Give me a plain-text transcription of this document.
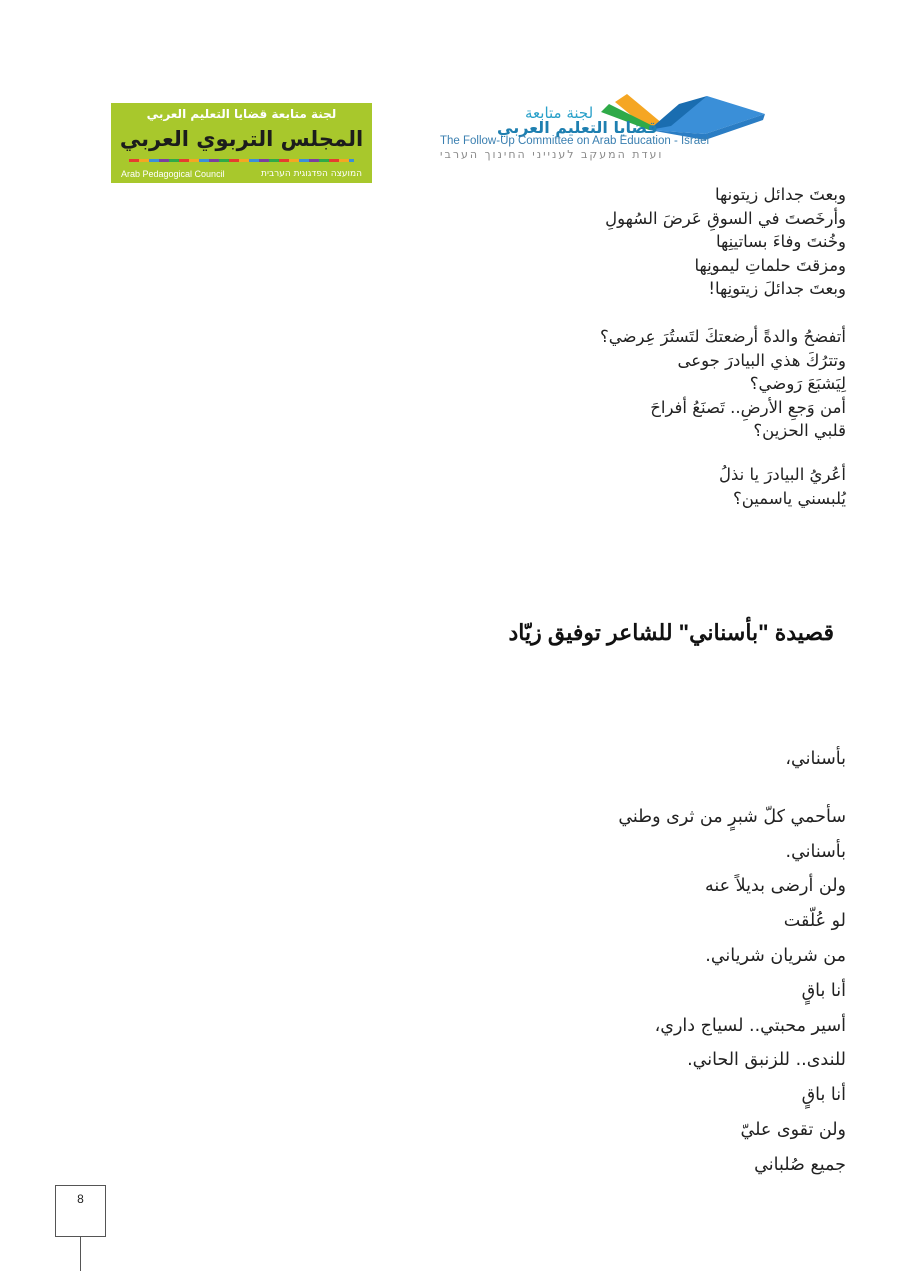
لجنة متابعة قضايا التعليم العربي
المجلس التربوي العربي
Arab Pedagogical Council	המועצה הפדגוגית הערבית
لجنة متابعة
قضايا التعليم العربي
The Follow-Up Committee on Arab Education - Israel
ועדת המעקב לענייני החינוך הערבי
وبعتَ جدائل زيتونها
وأرخَصتَ في السوقِ عَرضَ السُهولِ
وخُنتَ وفاءَ بساتينِها
ومزقتَ حلماتِ ليمونِها
وبعتَ جدائلَ زيتونِها!
أتفضحُ والدةً أرضعتكَ لتَستُرَ عِرضي؟
وتترُكَ هذي البيادرَ جوعى
لِيَشبَعَ رَوضي؟
أمن وَجعِ الأرضِ.. تَصنَعُ أفراحَ
قلبي الحزين؟
أعُريُ البيادرَ يا نذلُ
يُلبسني ياسمين؟
قصيدة "بأسناني" للشاعر توفيق زيّاد
بأسناني،
سأحمي كلّ شبرٍ من ثرى وطني
بأسناني.
ولن أرضى بديلاً عنه
لو عُلّقت
من شريان شرياني.
أنا باقٍ
أسير محبتي.. لسياج داري،
للندى.. للزنبق الحاني.
أنا باقٍ
ولن تقوى عليّ
جميع صُلباني
8
